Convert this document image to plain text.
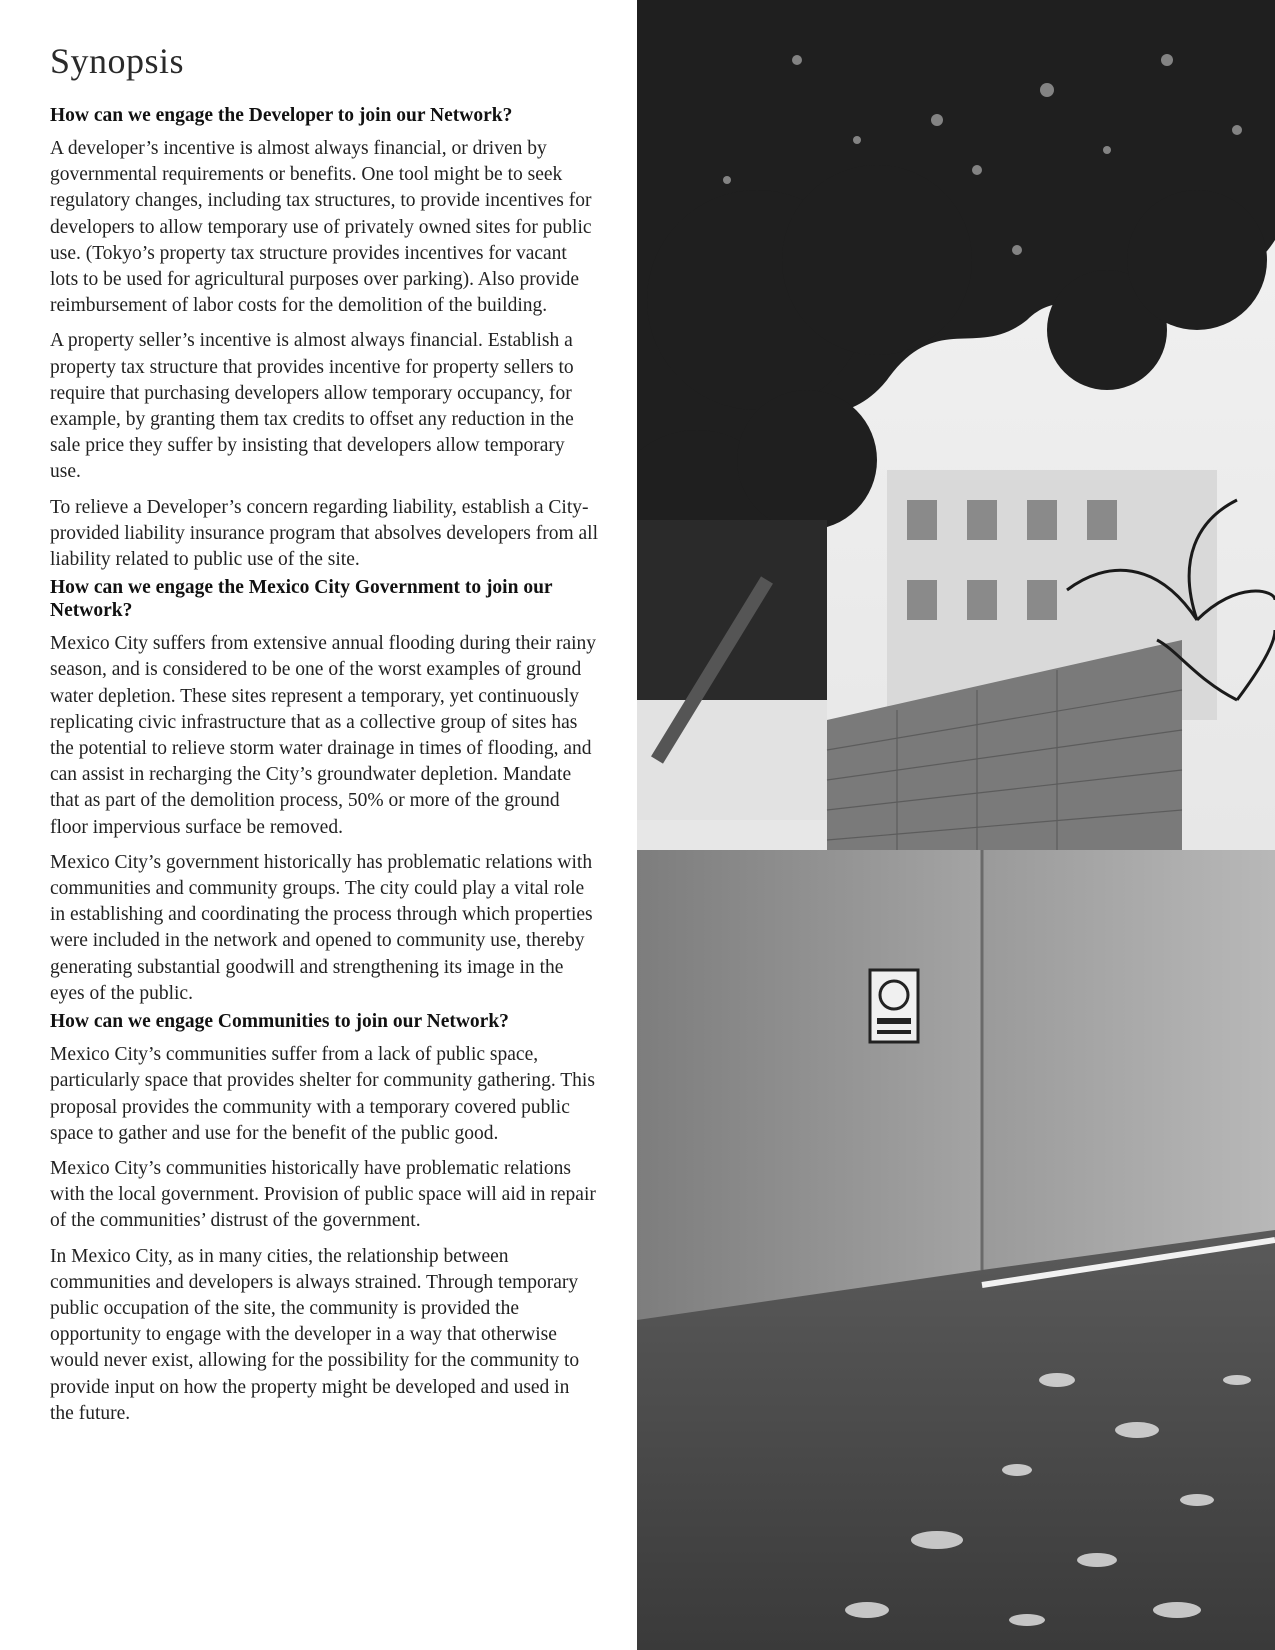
Synopsis
How can we engage the Developer to join our Network?

A developer’s incentive is almost always financial, or driven by governmental requirements or benefits. One tool might be to seek regulatory changes, including tax structures, to provide incentives for developers to allow temporary use of privately owned sites for public use. (Tokyo’s property tax structure provides incentives for vacant lots to be used for agricultural purposes over parking). Also provide reimbursement of labor costs for the demolition of the building.

A property seller’s incentive is almost always financial. Establish a property tax structure that provides incentive for property sellers to require that purchasing developers allow temporary occupancy, for example, by granting them tax credits to offset any reduction in the sale price they suffer by insisting that developers allow temporary use.

To relieve a Developer’s concern regarding liability, establish a City-provided liability insurance program that absolves developers from all liability related to public use of the site.

How can we engage the Mexico City Government to join our Network?

Mexico City suffers from extensive annual flooding during their rainy season, and is considered to be one of the worst examples of ground water depletion. These sites represent a temporary, yet continuously replicating civic infrastructure that as a collective group of sites has the potential to relieve storm water drainage in times of flooding, and can assist in recharging the City’s groundwater depletion. Mandate that as part of the demolition process, 50% or more of the ground floor impervious surface be removed.

Mexico City’s government historically has problematic relations with communities and community groups. The city could play a vital role in establishing and coordinating the process through which properties were included in the network and opened to community use, thereby generating substantial goodwill and strengthening its image in the eyes of the public.

How can we engage Communities to join our Network?

Mexico City’s communities suffer from a lack of public space, particularly space that provides shelter for community gathering. This proposal provides the community with a temporary covered public space to gather and use for the benefit of the public good.

Mexico City’s communities historically have problematic relations with the local government. Provision of public space will aid in repair of the communities’ distrust of the government.

In Mexico City, as in many cities, the relationship between communities and developers is always strained. Through temporary public occupation of the site, the community is provided the opportunity to engage with the developer in a way that otherwise would never exist, allowing for the possibility for the community to provide input on how the property might be developed and used in the future.
